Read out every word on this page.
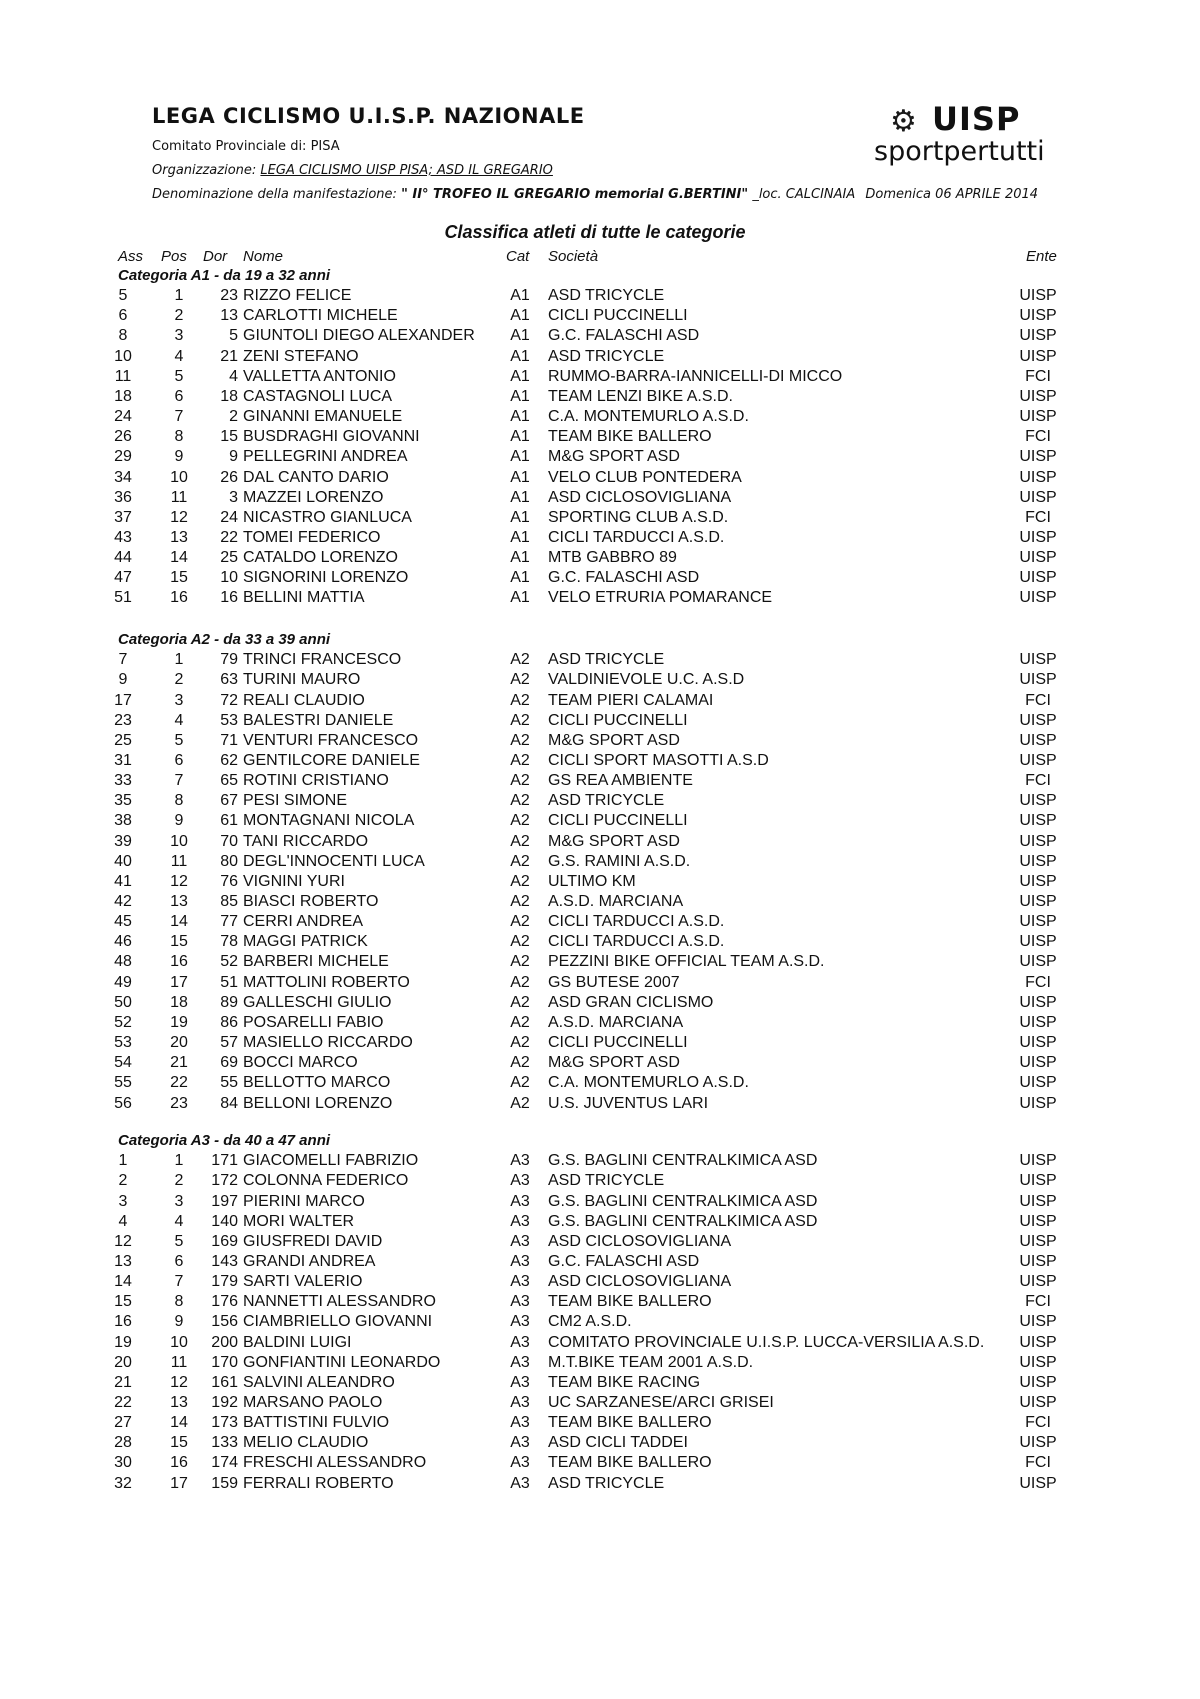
LEGA CICLISMO U.I.S.P. NAZIONALE
Comitato Provinciale di: PISA
Organizzazione: LEGA CICLISMO UISP PISA; ASD IL GREGARIO
Denominazione della manifestazione: " II° TROFEO IL GREGARIO memorial G.BERTINI" _loc. CALCINAIA Domenica 06 APRILE 2014
⚙ UISP
sportpertutti
Classifica atleti di tutte le categorie
Ass Pos Dor Nome	Cat Società	Ente
Categoria A1 - da 19 a 32 anni
5	1	23 RIZZO FELICE	A1	ASD TRICYCLE	UISP
6	2	13 CARLOTTI MICHELE	A1	CICLI PUCCINELLI	UISP
8	3	5 GIUNTOLI DIEGO ALEXANDER	A1	G.C. FALASCHI ASD	UISP
10	4	21 ZENI STEFANO	A1	ASD TRICYCLE	UISP
11	5	4 VALLETTA ANTONIO	A1	RUMMO-BARRA-IANNICELLI-DI MICCO	FCI
18	6	18 CASTAGNOLI LUCA	A1	TEAM LENZI BIKE A.S.D.	UISP
24	7	2 GINANNI EMANUELE	A1	C.A. MONTEMURLO A.S.D.	UISP
26	8	15 BUSDRAGHI GIOVANNI	A1	TEAM BIKE BALLERO	FCI
29	9	9 PELLEGRINI ANDREA	A1	M&G SPORT ASD	UISP
34	10	26 DAL CANTO DARIO	A1	VELO CLUB PONTEDERA	UISP
36	11	3 MAZZEI LORENZO	A1	ASD CICLOSOVIGLIANA	UISP
37	12	24 NICASTRO GIANLUCA	A1	SPORTING CLUB A.S.D.	FCI
43	13	22 TOMEI FEDERICO	A1	CICLI TARDUCCI A.S.D.	UISP
44	14	25 CATALDO LORENZO	A1	MTB GABBRO 89	UISP
47	15	10 SIGNORINI LORENZO	A1	G.C. FALASCHI ASD	UISP
51	16	16 BELLINI MATTIA	A1	VELO ETRURIA POMARANCE	UISP
Categoria A2 - da 33 a 39 anni
7	1	79 TRINCI FRANCESCO	A2	ASD TRICYCLE	UISP
9	2	63 TURINI MAURO	A2	VALDINIEVOLE U.C. A.S.D	UISP
17	3	72 REALI CLAUDIO	A2	TEAM PIERI CALAMAI	FCI
23	4	53 BALESTRI DANIELE	A2	CICLI PUCCINELLI	UISP
25	5	71 VENTURI FRANCESCO	A2	M&G SPORT ASD	UISP
31	6	62 GENTILCORE DANIELE	A2	CICLI SPORT MASOTTI A.S.D	UISP
33	7	65 ROTINI CRISTIANO	A2	GS REA AMBIENTE	FCI
35	8	67 PESI SIMONE	A2	ASD TRICYCLE	UISP
38	9	61 MONTAGNANI NICOLA	A2	CICLI PUCCINELLI	UISP
39	10	70 TANI RICCARDO	A2	M&G SPORT ASD	UISP
40	11	80 DEGL'INNOCENTI LUCA	A2	G.S. RAMINI A.S.D.	UISP
41	12	76 VIGNINI YURI	A2	ULTIMO KM	UISP
42	13	85 BIASCI ROBERTO	A2	A.S.D. MARCIANA	UISP
45	14	77 CERRI ANDREA	A2	CICLI TARDUCCI A.S.D.	UISP
46	15	78 MAGGI PATRICK	A2	CICLI TARDUCCI A.S.D.	UISP
48	16	52 BARBERI MICHELE	A2	PEZZINI BIKE OFFICIAL TEAM A.S.D.	UISP
49	17	51 MATTOLINI ROBERTO	A2	GS BUTESE 2007	FCI
50	18	89 GALLESCHI GIULIO	A2	ASD GRAN CICLISMO	UISP
52	19	86 POSARELLI FABIO	A2	A.S.D. MARCIANA	UISP
53	20	57 MASIELLO RICCARDO	A2	CICLI PUCCINELLI	UISP
54	21	69 BOCCI MARCO	A2	M&G SPORT ASD	UISP
55	22	55 BELLOTTO MARCO	A2	C.A. MONTEMURLO A.S.D.	UISP
56	23	84 BELLONI LORENZO	A2	U.S. JUVENTUS LARI	UISP
Categoria A3 - da 40 a 47 anni
1	1	171 GIACOMELLI FABRIZIO	A3	G.S. BAGLINI CENTRALKIMICA ASD	UISP
2	2	172 COLONNA FEDERICO	A3	ASD TRICYCLE	UISP
3	3	197 PIERINI MARCO	A3	G.S. BAGLINI CENTRALKIMICA ASD	UISP
4	4	140 MORI WALTER	A3	G.S. BAGLINI CENTRALKIMICA ASD	UISP
12	5	169 GIUSFREDI DAVID	A3	ASD CICLOSOVIGLIANA	UISP
13	6	143 GRANDI ANDREA	A3	G.C. FALASCHI ASD	UISP
14	7	179 SARTI VALERIO	A3	ASD CICLOSOVIGLIANA	UISP
15	8	176 NANNETTI ALESSANDRO	A3	TEAM BIKE BALLERO	FCI
16	9	156 CIAMBRIELLO GIOVANNI	A3	CM2 A.S.D.	UISP
19	10	200 BALDINI LUIGI	A3	COMITATO PROVINCIALE U.I.S.P. LUCCA-VERSILIA A.S.D.	UISP
20	11	170 GONFIANTINI LEONARDO	A3	M.T.BIKE TEAM 2001 A.S.D.	UISP
21	12	161 SALVINI ALEANDRO	A3	TEAM BIKE RACING	UISP
22	13	192 MARSANO PAOLO	A3	UC SARZANESE/ARCI GRISEI	UISP
27	14	173 BATTISTINI FULVIO	A3	TEAM BIKE BALLERO	FCI
28	15	133 MELIO CLAUDIO	A3	ASD CICLI TADDEI	UISP
30	16	174 FRESCHI ALESSANDRO	A3	TEAM BIKE BALLERO	FCI
32	17	159 FERRALI ROBERTO	A3	ASD TRICYCLE	UISP
